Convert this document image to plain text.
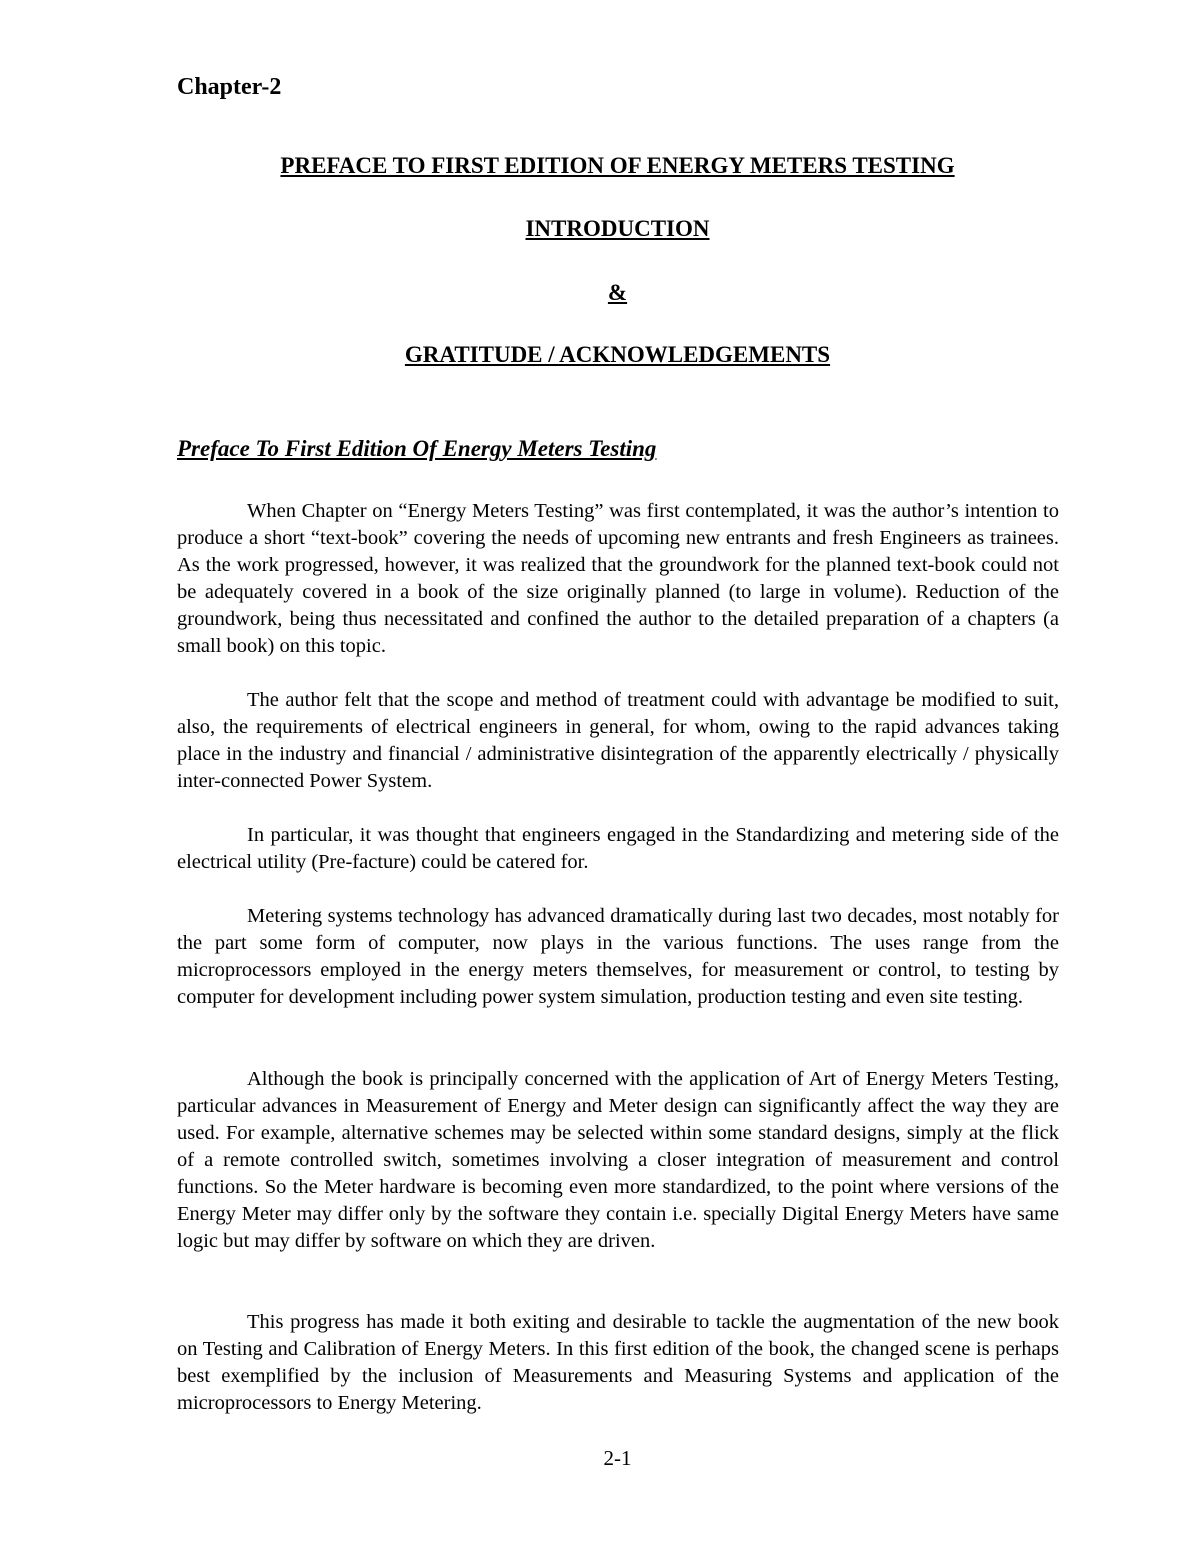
Chapter-2

PREFACE TO FIRST EDITION OF ENERGY METERS TESTING

INTRODUCTION

&

GRATITUDE / ACKNOWLEDGEMENTS

Preface To First Edition Of Energy Meters Testing

When Chapter on “Energy Meters Testing” was first contemplated, it was the author’s intention to produce a short “text-book” covering the needs of upcoming new entrants and fresh Engineers as trainees. As the work progressed, however, it was realized that the groundwork for the planned text-book could not be adequately covered in a book of the size originally planned (to large in volume). Reduction of the groundwork, being thus necessitated and confined the author to the detailed preparation of a chapters (a small book) on this topic.

The author felt that the scope and method of treatment could with advantage be modified to suit, also, the requirements of electrical engineers in general, for whom, owing to the rapid advances taking place in the industry and financial / administrative disintegration of the apparently electrically / physically inter-connected Power System.

In particular, it was thought that engineers engaged in the Standardizing and metering side of the electrical utility (Pre-facture) could be catered for.

Metering systems technology has advanced dramatically during last two decades, most notably for the part some form of computer, now plays in the various functions. The uses range from the microprocessors employed in the energy meters themselves, for measurement or control, to testing by computer for development including power system simulation, production testing and even site testing.

Although the book is principally concerned with the application of Art of Energy Meters Testing, particular advances in Measurement of Energy and Meter design can significantly affect the way they are used. For example, alternative schemes may be selected within some standard designs, simply at the flick of a remote controlled switch, sometimes involving a closer integration of measurement and control functions. So the Meter hardware is becoming even more standardized, to the point where versions of the Energy Meter may differ only by the software they contain i.e. specially Digital Energy Meters have same logic but may differ by software on which they are driven.

This progress has made it both exiting and desirable to tackle the augmentation of the new book on Testing and Calibration of Energy Meters. In this first edition of the book, the changed scene is perhaps best exemplified by the inclusion of Measurements and Measuring Systems and application of the microprocessors to Energy Metering.

2-1
